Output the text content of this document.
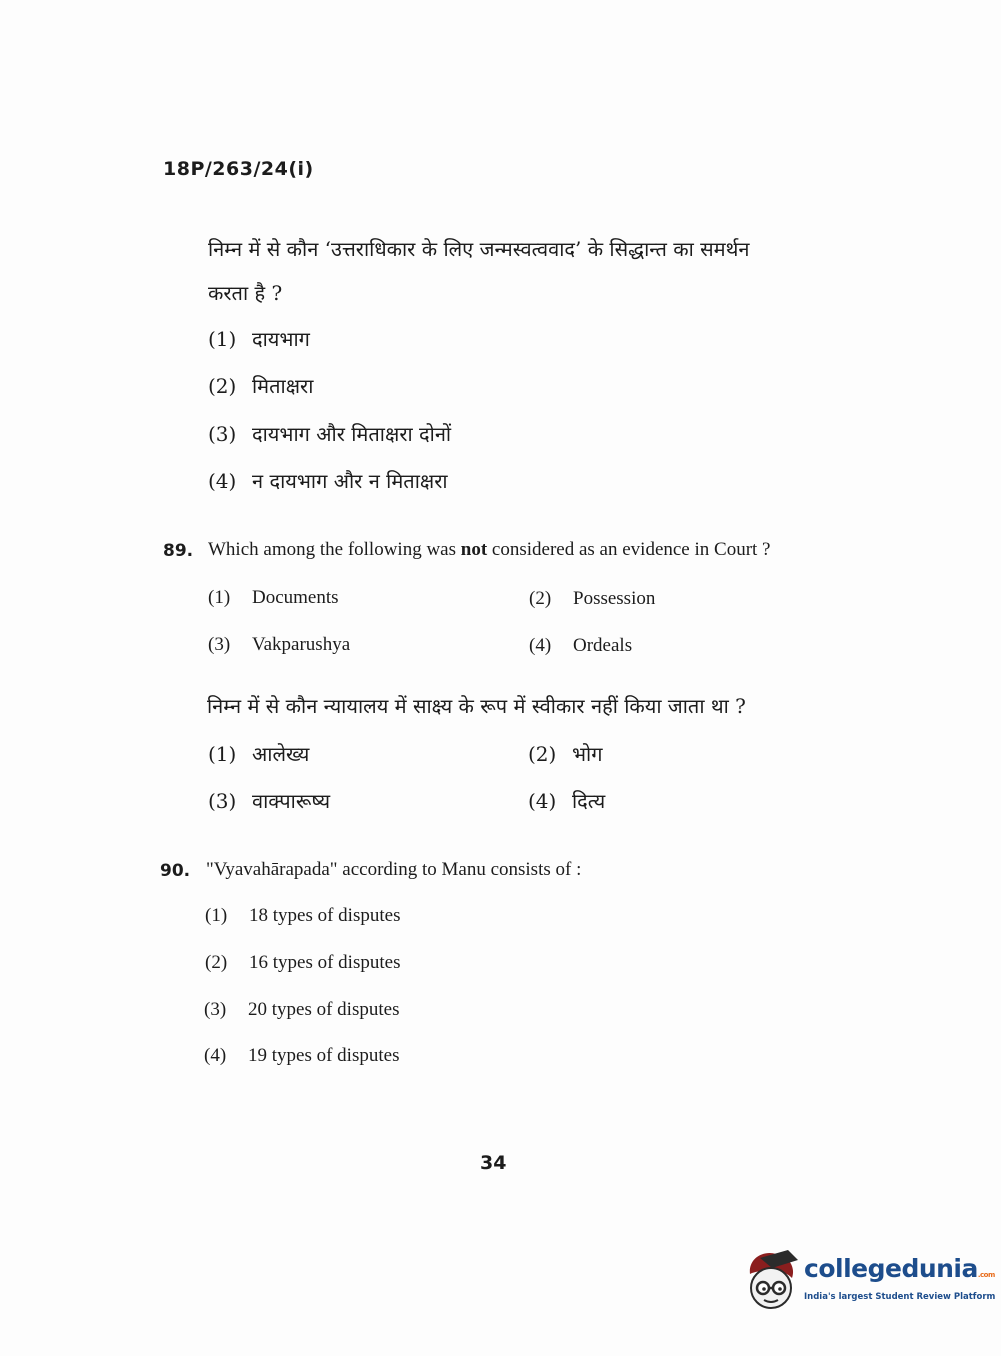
18P/263/24(i)
निम्न में से कौन ‘उत्तराधिकार के लिए जन्मस्वत्ववाद’ के सिद्धान्त का समर्थन
करता है ?
(1) दायभाग
(2) मिताक्षरा
(3) दायभाग और मिताक्षरा दोनों
(4) न दायभाग और न मिताक्षरा
89. Which among the following was not considered as an evidence in Court ?
(1) Documents	(2) Possession
(3) Vakparushya	(4) Ordeals
निम्न में से कौन न्यायालय में साक्ष्य के रूप में स्वीकार नहीं किया जाता था ?
(1) आलेख्य	(2) भोग
(3) वाक्पारूष्य	(4) दित्य
90. "Vyavahārapada" according to Manu consists of :
(1) 18 types of disputes
(2) 16 types of disputes
(3) 20 types of disputes
(4) 19 types of disputes
34
collegedunia.com
India's largest Student Review Platform
